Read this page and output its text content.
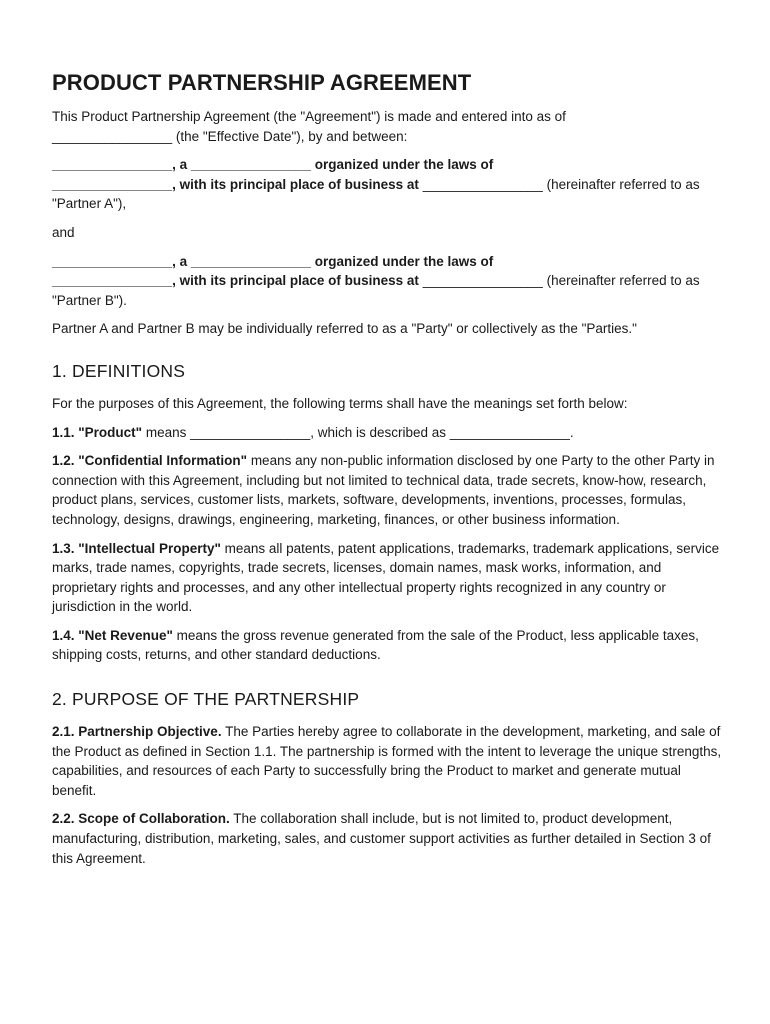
PRODUCT PARTNERSHIP AGREEMENT

This Product Partnership Agreement (the "Agreement") is made and entered into as of
________________ (the "Effective Date"), by and between:

________________, a ________________ organized under the laws of
________________, with its principal place of business at ________________ (hereinafter referred to as "Partner A"),

and

________________, a ________________ organized under the laws of
________________, with its principal place of business at ________________ (hereinafter referred to as "Partner B").

Partner A and Partner B may be individually referred to as a "Party" or collectively as the "Parties."

1. DEFINITIONS

For the purposes of this Agreement, the following terms shall have the meanings set forth below:

1.1. "Product" means ________________, which is described as ________________.

1.2. "Confidential Information" means any non-public information disclosed by one Party to the other Party in connection with this Agreement, including but not limited to technical data, trade secrets, know-how, research, product plans, services, customer lists, markets, software, developments, inventions, processes, formulas, technology, designs, drawings, engineering, marketing, finances, or other business information.

1.3. "Intellectual Property" means all patents, patent applications, trademarks, trademark applications, service marks, trade names, copyrights, trade secrets, licenses, domain names, mask works, information, and proprietary rights and processes, and any other intellectual property rights recognized in any country or jurisdiction in the world.

1.4. "Net Revenue" means the gross revenue generated from the sale of the Product, less applicable taxes, shipping costs, returns, and other standard deductions.

2. PURPOSE OF THE PARTNERSHIP

2.1. Partnership Objective. The Parties hereby agree to collaborate in the development, marketing, and sale of the Product as defined in Section 1.1. The partnership is formed with the intent to leverage the unique strengths, capabilities, and resources of each Party to successfully bring the Product to market and generate mutual benefit.

2.2. Scope of Collaboration. The collaboration shall include, but is not limited to, product development, manufacturing, distribution, marketing, sales, and customer support activities as further detailed in Section 3 of this Agreement.
